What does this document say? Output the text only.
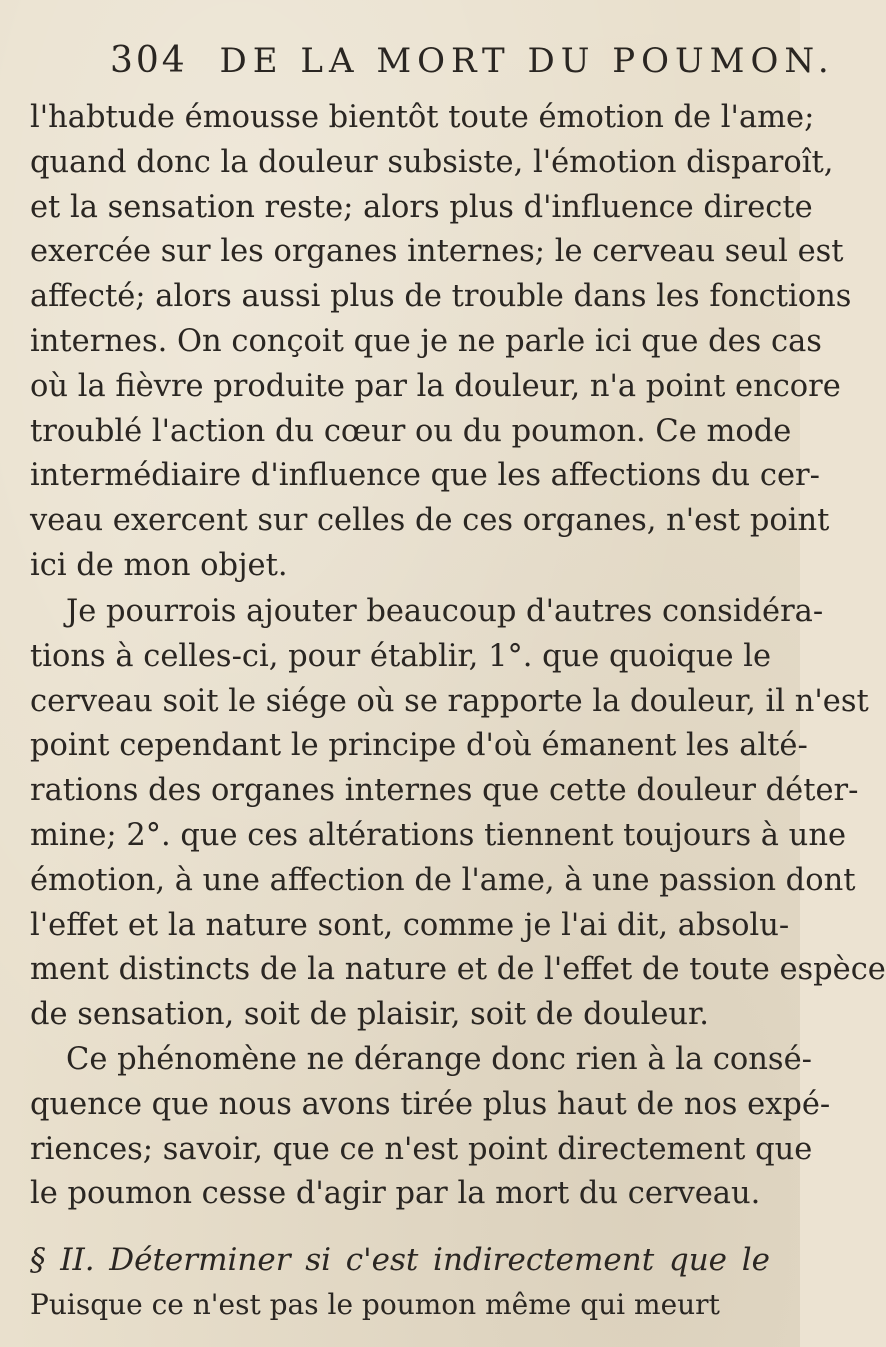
304 DE LA MORT DU POUMON.
l'habtude émousse bientôt toute émotion de l'ame;
quand donc la douleur subsiste, l'émotion disparoît,
et la sensation reste; alors plus d'influence directe
exercée sur les organes internes; le cerveau seul est
affecté; alors aussi plus de trouble dans les fonctions
internes. On conçoit que je ne parle ici que des cas
où la fièvre produite par la douleur, n'a point encore
troublé l'action du cœur ou du poumon. Ce mode
intermédiaire d'influence que les affections du cer-
veau exercent sur celles de ces organes, n'est point
ici de mon objet.
Je pourrois ajouter beaucoup d'autres considéra-
tions à celles-ci, pour établir, 1°. que quoique le
cerveau soit le siége où se rapporte la douleur, il n'est
point cependant le principe d'où émanent les alté-
rations des organes internes que cette douleur déter-
mine; 2°. que ces altérations tiennent toujours à une
émotion, à une affection de l'ame, à une passion dont
l'effet et la nature sont, comme je l'ai dit, absolu-
ment distincts de la nature et de l'effet de toute espèce
de sensation, soit de plaisir, soit de douleur.
Ce phénomène ne dérange donc rien à la consé-
quence que nous avons tirée plus haut de nos expé-
riences; savoir, que ce n'est point directement que
le poumon cesse d'agir par la mort du cerveau.
§ II. Déterminer si c'est indirectement que le
Puisque ce n'est pas le poumon même qui meurt
